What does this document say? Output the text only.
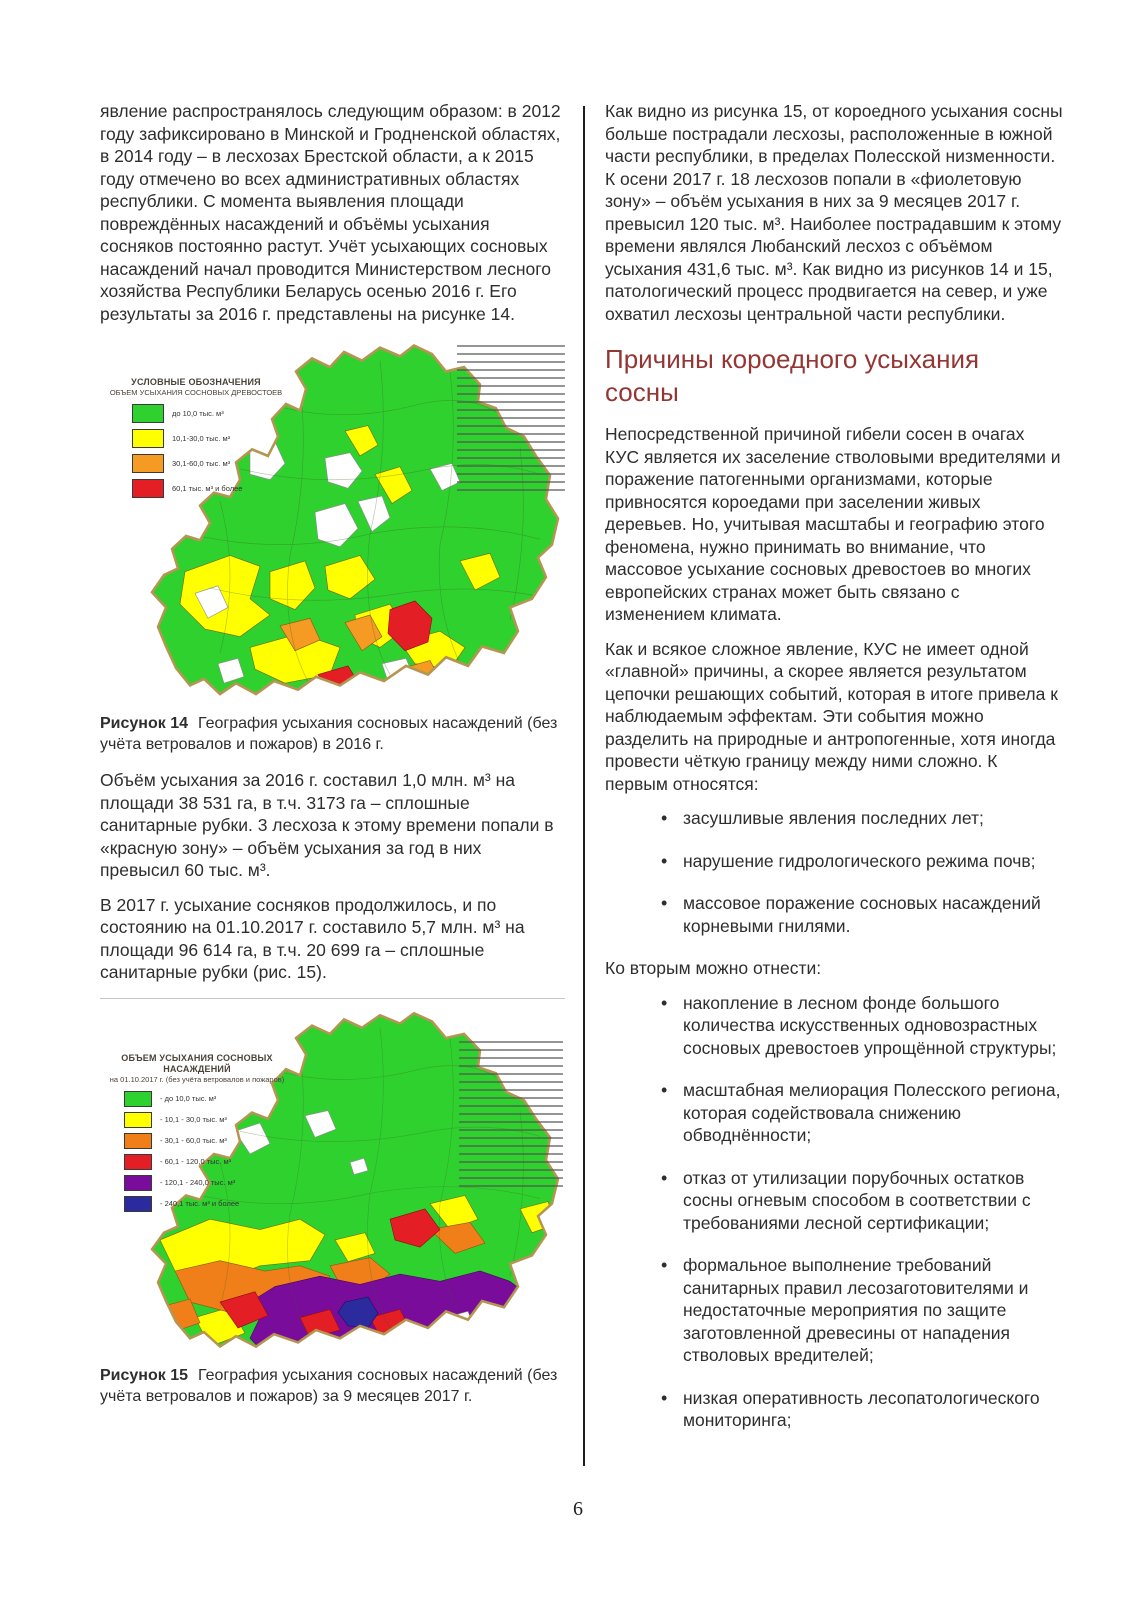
явление распространялось следующим образом: в 2012 году зафиксировано в Минской и Гродненской областях, в 2014 году – в лесхозах Брестской области, а к 2015 году отмечено во всех административных областях республики. С момента выявления площади повреждённых насаждений и объёмы усыхания сосняков постоянно растут. Учёт усыхающих сосновых насаждений начал проводится Министерством лесного хозяйства Республики Беларусь осенью 2016 г. Его результаты за 2016 г. представлены на рисунке 14.

УСЛОВНЫЕ ОБОЗНАЧЕНИЯ
ОБЪЕМ УСЫХАНИЯ СОСНОВЫХ ДРЕВОСТОЕВ
до 10,0 тыс. м³
10,1-30,0 тыс. м³
30,1-60,0 тыс. м³
60,1 тыс. м³ и более
Рисунок 14 География усыхания сосновых насаждений (без учёта ветровалов и пожаров) в 2016 г.

Объём усыхания за 2016 г. составил 1,0 млн. м³ на площади 38 531 га, в т.ч. 3173 га – сплошные санитарные рубки. 3 лесхоза к этому времени попали в «красную зону» – объём усыхания за год в них превысил 60 тыс. м³.

В 2017 г. усыхание сосняков продолжилось, и по состоянию на 01.10.2017 г. составило 5,7 млн. м³ на площади 96 614 га, в т.ч. 20 699 га – сплошные санитарные рубки (рис. 15).

ОБЪЕМ УСЫХАНИЯ СОСНОВЫХ НАСАЖДЕНИЙ
на 01.10.2017 г. (без учёта ветровалов и пожаров)
- до 10,0 тыс. м³
- 10,1 - 30,0 тыс. м³
- 30,1 - 60,0 тыс. м³
- 60,1 - 120,0 тыс. м³
- 120,1 - 240,0 тыс. м³
- 240,1 тыс. м³ и более
Рисунок 15 География усыхания сосновых насаждений (без учёта ветровалов и пожаров) за 9 месяцев 2017 г.

Как видно из рисунка 15, от короедного усыхания сосны больше пострадали лесхозы, расположенные в южной части республики, в пределах Полесской низменности. К осени 2017 г. 18 лесхозов попали в «фиолетовую зону» – объём усыхания в них за 9 месяцев 2017 г. превысил 120 тыс. м³. Наиболее пострадавшим к этому времени являлся Любанский лесхоз с объёмом усыхания 431,6 тыс. м³. Как видно из рисунков 14 и 15, патологический процесс продвигается на север, и уже охватил лесхозы центральной части республики.

Причины короедного усыхания сосны

Непосредственной причиной гибели сосен в очагах КУС является их заселение стволовыми вредителями и поражение патогенными организмами, которые привносятся короедами при заселении живых деревьев. Но, учитывая масштабы и географию этого феномена, нужно принимать во внимание, что массовое усыхание сосновых древостоев во многих европейских странах может быть связано с изменением климата.

Как и всякое сложное явление, КУС не имеет одной «главной» причины, а скорее является результатом цепочки решающих событий, которая в итоге привела к наблюдаемым эффектам. Эти события можно разделить на природные и антропогенные, хотя иногда провести чёткую границу между ними сложно. К первым относятся:

• засушливые явления последних лет;
• нарушение гидрологического режима почв;
• массовое поражение сосновых насаждений корневыми гнилями.

Ко вторым можно отнести:

• накопление в лесном фонде большого количества искусственных одновозрастных сосновых древостоев упрощённой структуры;
• масштабная мелиорация Полесского региона, которая содействовала снижению обводнённости;
• отказ от утилизации порубочных остатков сосны огневым способом в соответствии с требованиями лесной сертификации;
• формальное выполнение требований санитарных правил лесозаготовителями и недостаточные мероприятия по защите заготовленной древесины от нападения стволовых вредителей;
• низкая оперативность лесопатологического мониторинга;
6
